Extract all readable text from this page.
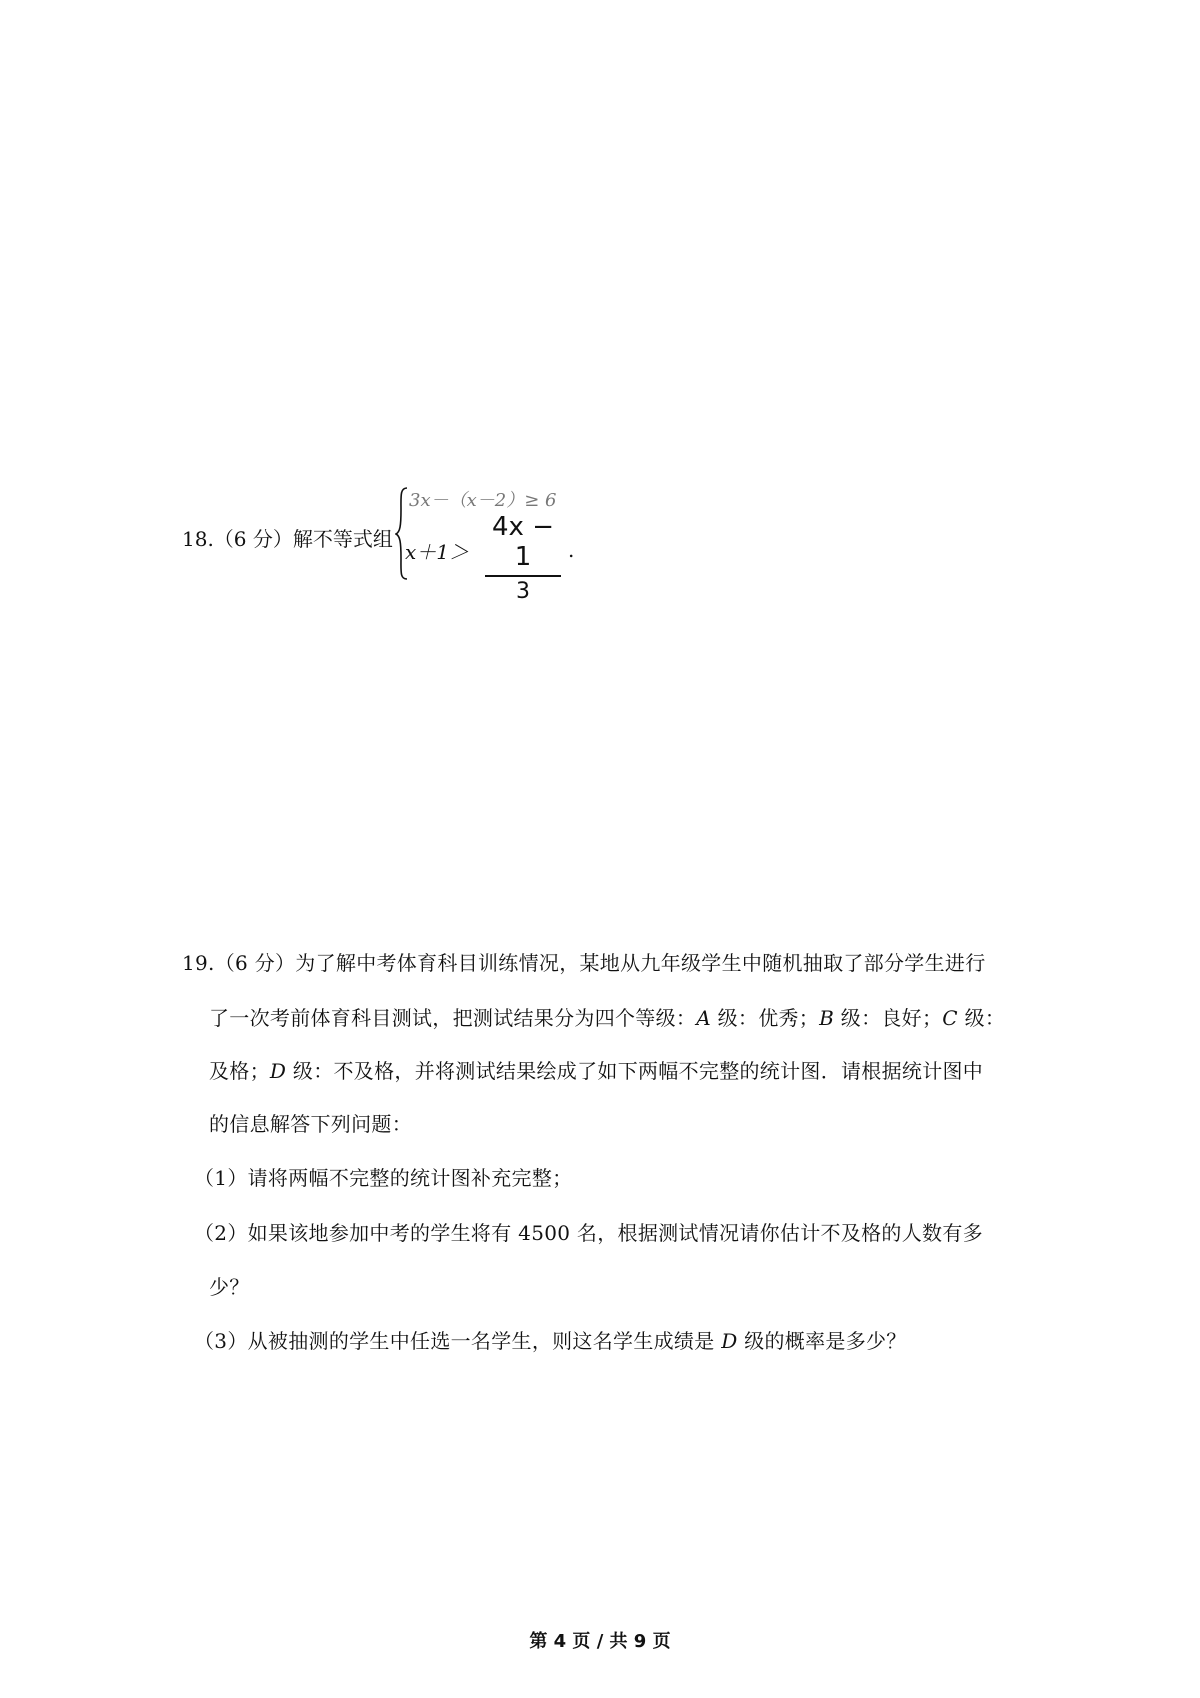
18.（6 分）解不等式组
3x－（x－2）≥ 6
x＋1＞
4x − 1
3
.
19.（6 分）为了解中考体育科目训练情况，某地从九年级学生中随机抽取了部分学生进行
了一次考前体育科目测试，把测试结果分为四个等级：A 级：优秀；B 级：良好；C 级：
及格；D 级：不及格，并将测试结果绘成了如下两幅不完整的统计图．请根据统计图中
的信息解答下列问题：
（1）请将两幅不完整的统计图补充完整；
（2）如果该地参加中考的学生将有 4500 名，根据测试情况请你估计不及格的人数有多
少？
（3）从被抽测的学生中任选一名学生，则这名学生成绩是 D 级的概率是多少？
第 4 页 / 共 9 页
